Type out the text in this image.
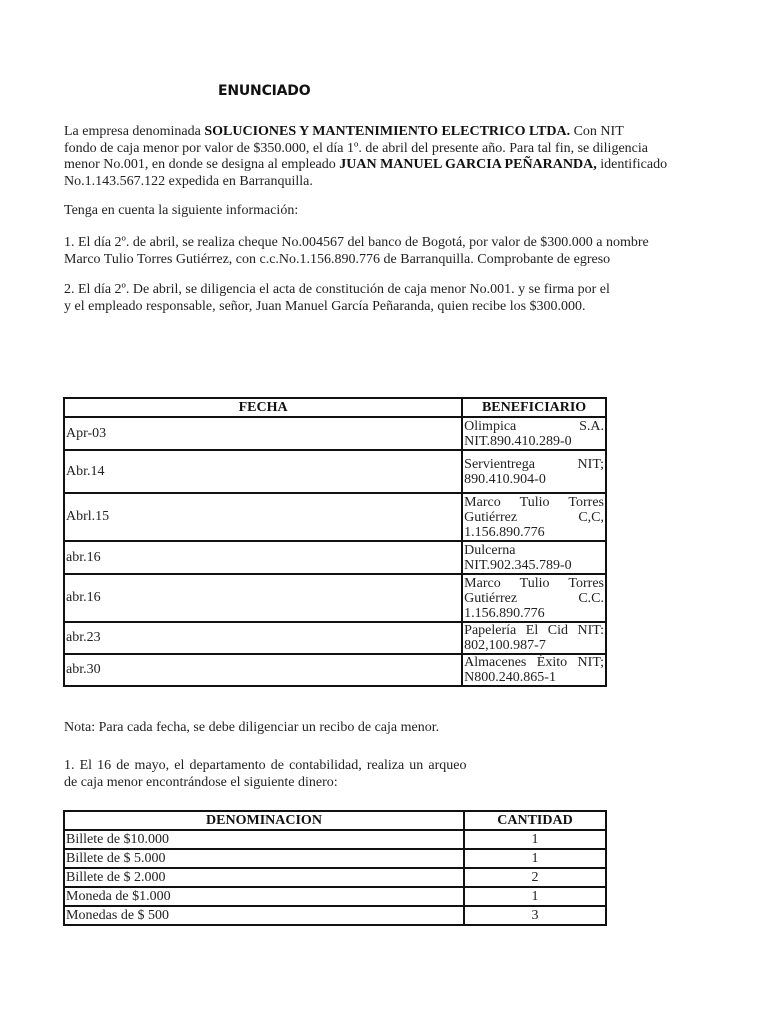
ENUNCIADO
La empresa denominada SOLUCIONES Y MANTENIMIENTO ELECTRICO LTDA. Con NIT
fondo de caja menor por valor de $350.000, el día 1º. de abril del presente año. Para tal fin, se diligencia
menor No.001, en donde se designa al empleado JUAN MANUEL GARCIA PEÑARANDA, identificado
No.1.143.567.122 expedida en Barranquilla.
Tenga en cuenta la siguiente información:
1. El día 2º. de abril, se realiza cheque No.004567 del banco de Bogotá, por valor de $300.000 a nombre
Marco Tulio Torres Gutiérrez, con c.c.No.1.156.890.776 de Barranquilla. Comprobante de egreso
2. El día 2º. De abril, se diligencia el acta de constitución de caja menor No.001. y se firma por el
y el empleado responsable, señor, Juan Manuel García Peñaranda, quien recibe los $300.000.
FECHA	BENEFICIARIO
Apr-03	Olimpica S.A.
NIT.890.410.289-0

Abr.14	Servientrega NIT;
890.410.904-0

Abrl.15	Marco Tulio Torres
Gutiérrez C,C,
1.156.890.776

abr.16	Dulcerna
NIT.902.345.789-0

abr.16	Marco Tulio Torres
Gutiérrez C.C.
1.156.890.776

abr.23	Papelería El Cid NIT:
802,100.987-7

abr.30	Almacenes Éxito NIT;
N800.240.865-1
Nota: Para cada fecha, se debe diligenciar un recibo de caja menor.
1. El 16 de mayo, el departamento de contabilidad, realiza un arqueo
de caja menor encontrándose el siguiente dinero:
DENOMINACION	CANTIDAD
Billete de $10.000	1
Billete de $ 5.000	1
Billete de $ 2.000	2
Moneda de $1.000	1
Monedas de $ 500	3
